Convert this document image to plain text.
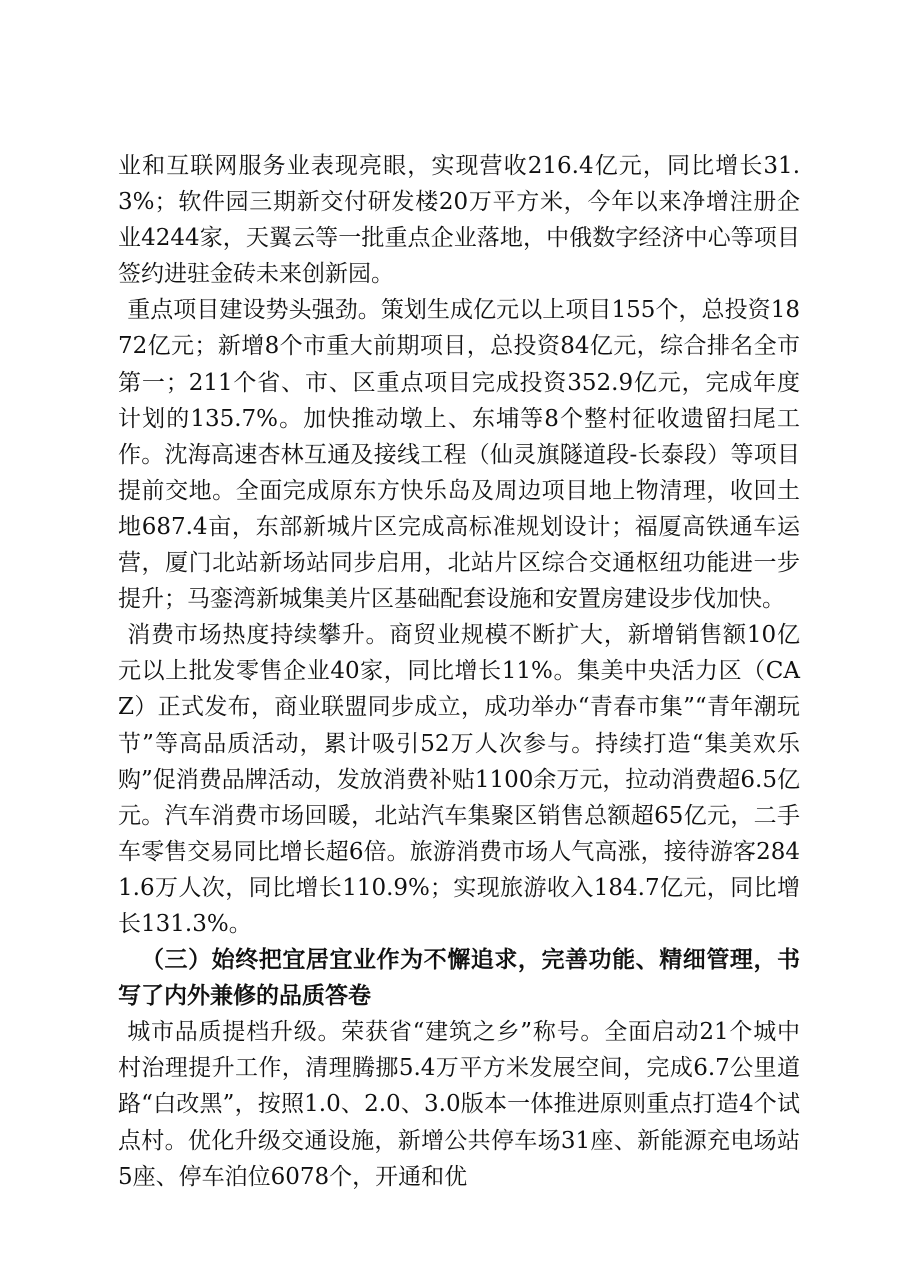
业和互联网服务业表现亮眼，实现营收216.4亿元，同比增长31.3%；软件园三期新交付研发楼20万平方米，今年以来净增注册企业4244家，天翼云等一批重点企业落地，中俄数字经济中心等项目签约进驻金砖未来创新园。

重点项目建设势头强劲。策划生成亿元以上项目155个，总投资1872亿元；新增8个市重大前期项目，总投资84亿元，综合排名全市第一；211个省、市、区重点项目完成投资352.9亿元，完成年度计划的135.7%。加快推动墩上、东埔等8个整村征收遗留扫尾工作。沈海高速杏林互通及接线工程（仙灵旗隧道段-长泰段）等项目提前交地。全面完成原东方快乐岛及周边项目地上物清理，收回土地687.4亩，东部新城片区完成高标准规划设计；福厦高铁通车运营，厦门北站新场站同步启用，北站片区综合交通枢纽功能进一步提升；马銮湾新城集美片区基础配套设施和安置房建设步伐加快。

消费市场热度持续攀升。商贸业规模不断扩大，新增销售额10亿元以上批发零售企业40家，同比增长11%。集美中央活力区（CAZ）正式发布，商业联盟同步成立，成功举办“青春市集”“青年潮玩节”等高品质活动，累计吸引52万人次参与。持续打造“集美欢乐购”促消费品牌活动，发放消费补贴1100余万元，拉动消费超6.5亿元。汽车消费市场回暖，北站汽车集聚区销售总额超65亿元，二手车零售交易同比增长超6倍。旅游消费市场人气高涨，接待游客2841.6万人次，同比增长110.9%；实现旅游收入184.7亿元，同比增长131.3%。

（三）始终把宜居宜业作为不懈追求，完善功能、精细管理，书写了内外兼修的品质答卷

城市品质提档升级。荣获省“建筑之乡”称号。全面启动21个城中村治理提升工作，清理腾挪5.4万平方米发展空间，完成6.7公里道路“白改黑”，按照1.0、2.0、3.0版本一体推进原则重点打造4个试点村。优化升级交通设施，新增公共停车场31座、新能源充电场站5座、停车泊位6078个，开通和优
